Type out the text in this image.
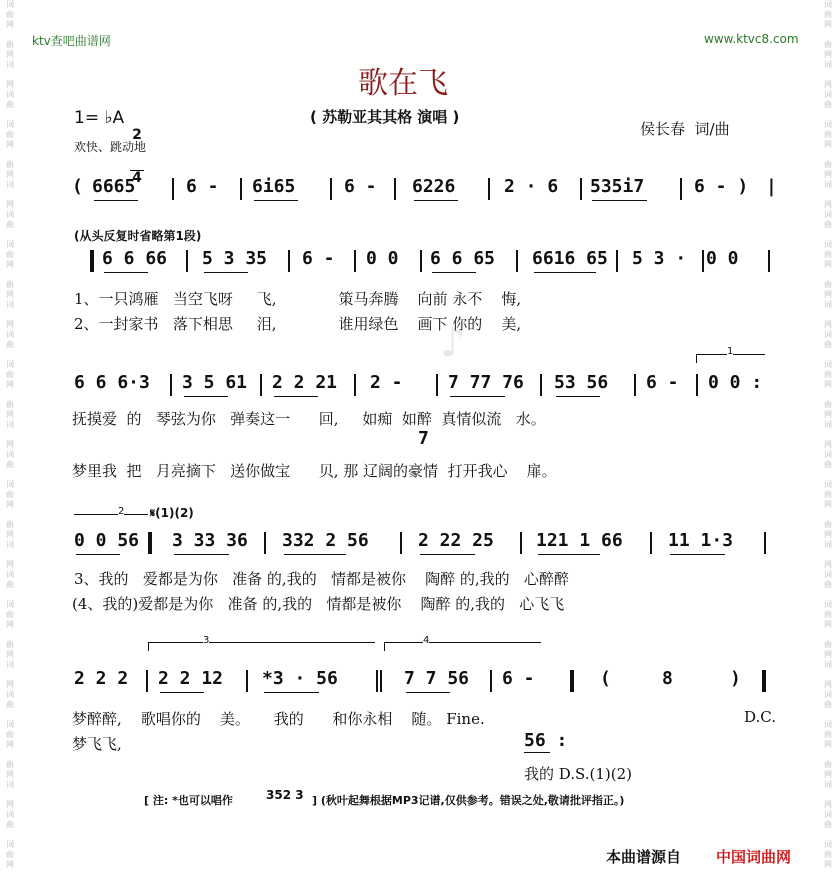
词
曲
网
曲
网
词
网
词
曲
词
曲
网
曲
网
词
网
词
曲
词
曲
网
曲
网
词
网
词
曲
词
曲
网
曲
网
词
网
词
曲
词
曲
网
曲
网
词
网
词
曲
词
曲
网
曲
网
词
网
词
曲
词
曲
网
曲
网
词
网
词
曲
词
曲
网
词
曲
网
曲
网
词
网
词
曲
词
曲
网
曲
网
词
网
词
曲
词
曲
网
曲
网
词
网
词
曲
词
曲
网
曲
网
词
网
词
曲
词
曲
网
曲
网
词
网
词
曲
词
曲
网
曲
网
词
网
词
曲
词
曲
网
曲
网
词
网
词
曲
词
曲
网
ktv查吧曲谱网	www.ktvc8.com
♪
歌在飞
( 苏勒亚其其格 演唱 )
1= ♭A

2

4

欢快、跳动地
侯长春  词/曲
( 6665	6 - 6i65	6 - 6226	2 · 6 535i7	6 - ) |
(从头反复时省略第1段)
6 6 66 5 3 35 6 - 0 0 6 6 65 6616 65 5 3 · 0 0
1、一只鸿雁   当空飞呀     飞,             策马奔腾    向前 永不    悔,
2、一封家书   落下相思     泪,             谁用绿色    画下 你的    美,
1
6 6 6·3 3 5 61 2 2 21 2 - 7 77 76 53 56 6 - 0 0 :
抚摸爱  的   琴弦为你   弹奏这一      回,     如痴  如醉  真情似流   水。
7
梦里我  把   月亮摘下   送你做宝      贝, 那 辽阔的豪情  打开我心    扉。
2 𝄋(1)(2)
0 0 56 3 33 36 332 2 56	2 22 25 121 1 66	11 1·3
3、我的   爱都是为你   准备 的,我的   情都是被你    陶醉 的,我的   心醉醉
(4、我的)爱都是为你   准备 的,我的   情都是被你    陶醉 的,我的   心飞飞
3	4
2 2 2 2 2 12 *3 · 56	7 7 56 6 -	(	8	)
梦醉醉,    歌唱你的    美。     我的      和你永相    随。 Fine.	D.C.
梦飞飞,	56 :
我的 D.S.(1)(2)
[ 注: *也可以唱作	352 3 ] (秋叶起舞根据MP3记谱,仅供参考。错误之处,敬请批评指正。)
本曲谱源自 中国词曲网
